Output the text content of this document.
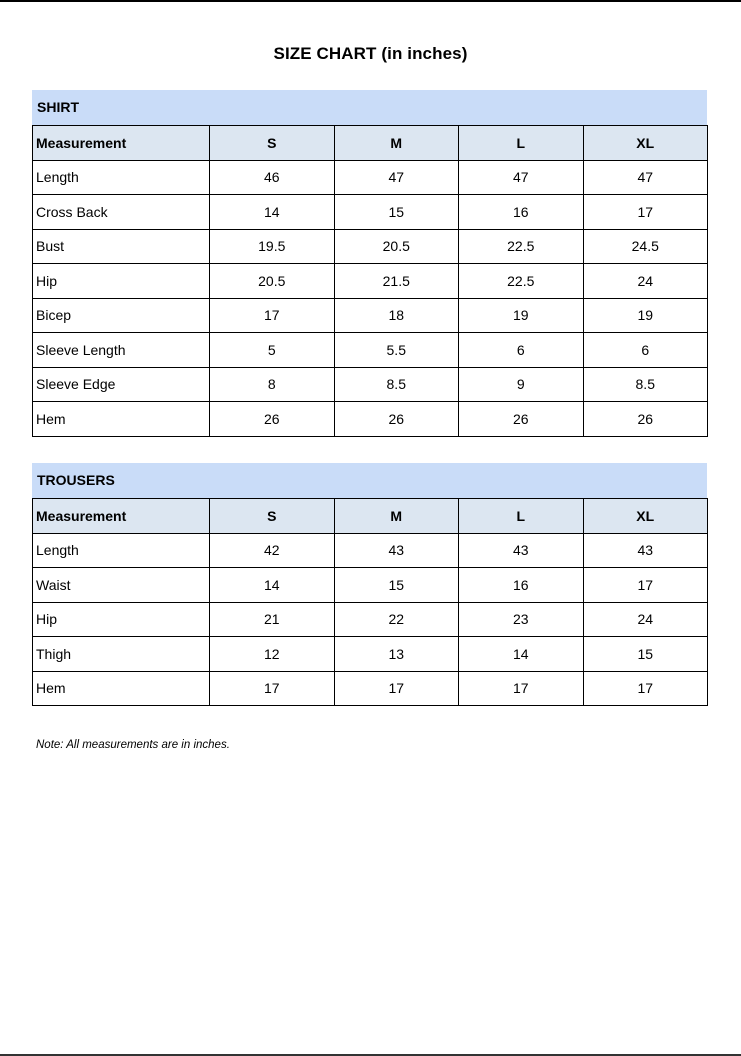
SIZE CHART (in inches)
SHIRT
Measurement	S	M	L	XL
Length	46	47	47	47
Cross Back	14	15	16	17
Bust	19.5	20.5	22.5	24.5
Hip	20.5	21.5	22.5	24
Bicep	17	18	19	19
Sleeve Length	5	5.5	6	6
Sleeve Edge	8	8.5	9	8.5
Hem	26	26	26	26
TROUSERS
Measurement	S	M	L	XL
Length	42	43	43	43
Waist	14	15	16	17
Hip	21	22	23	24
Thigh	12	13	14	15
Hem	17	17	17	17
Note: All measurements are in inches.
